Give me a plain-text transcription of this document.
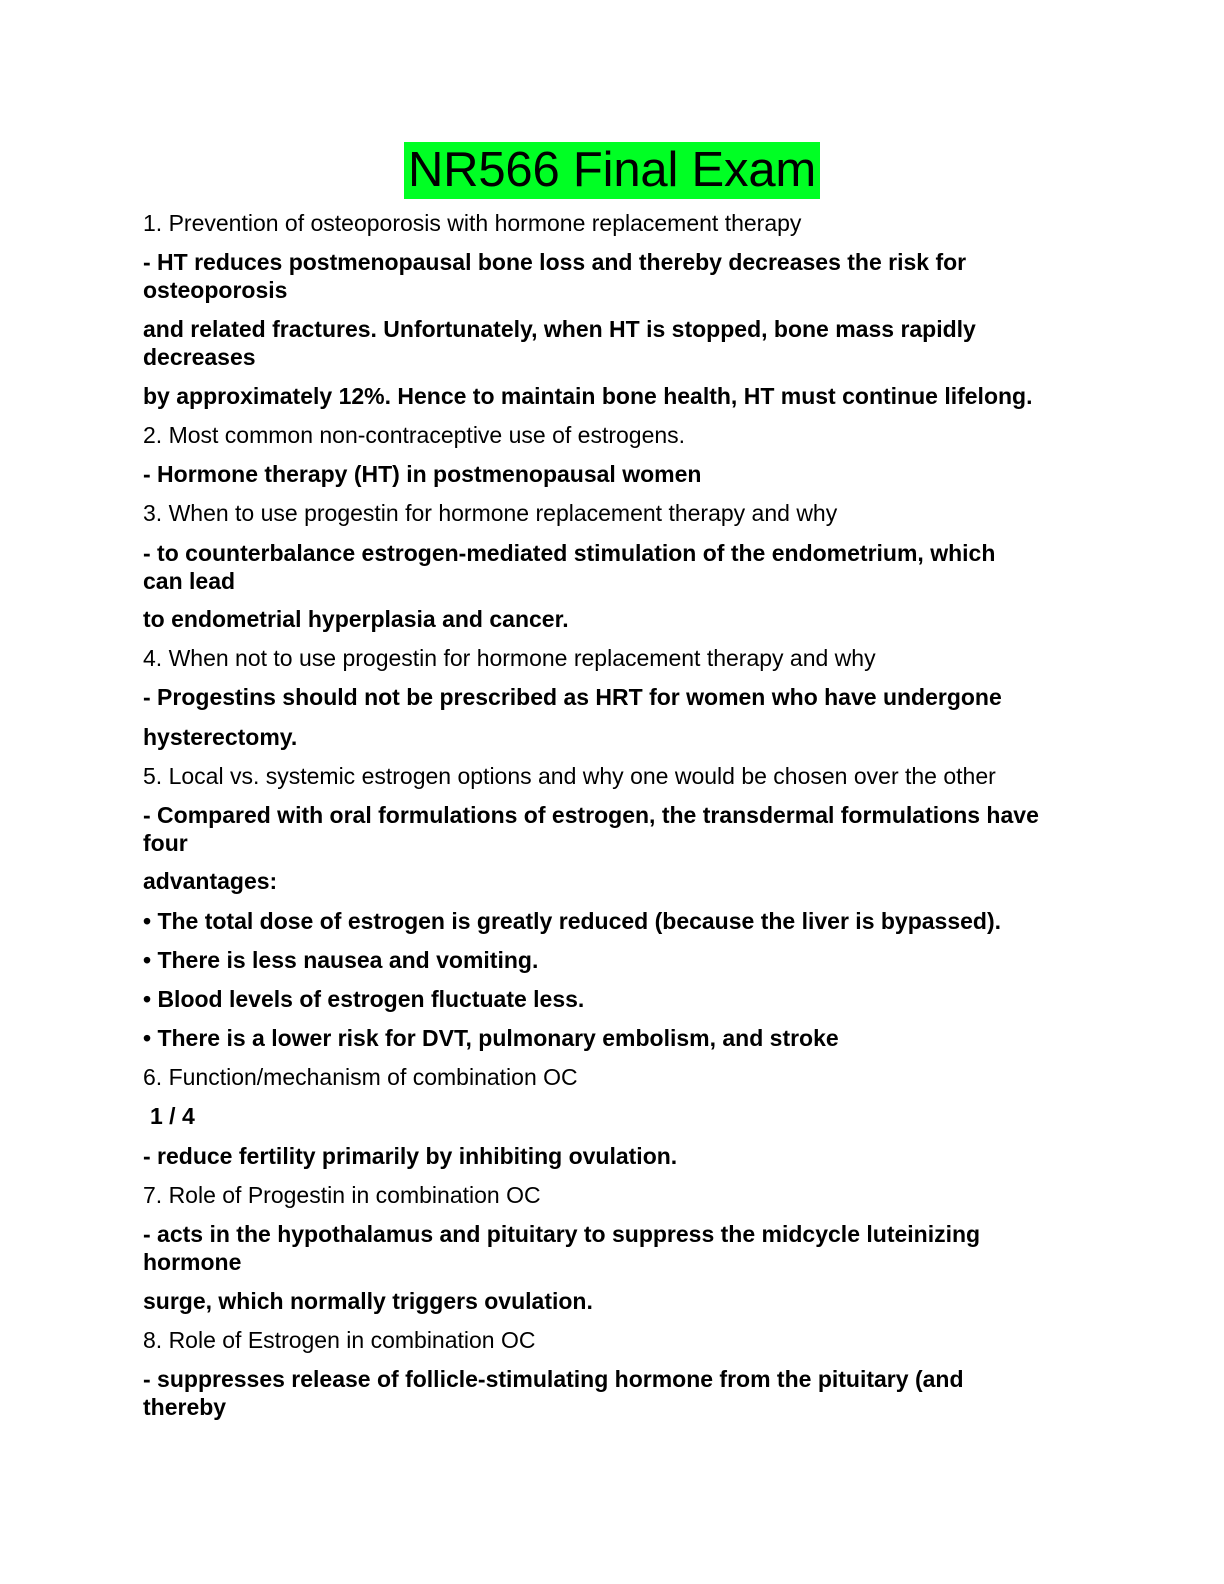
NR566 Final Exam
1. Prevention of osteoporosis with hormone replacement therapy
- HT reduces postmenopausal bone loss and thereby decreases the risk for
osteoporosis
and related fractures. Unfortunately, when HT is stopped, bone mass rapidly
decreases
by approximately 12%. Hence to maintain bone health, HT must continue lifelong.
2. Most common non-contraceptive use of estrogens.
- Hormone therapy (HT) in postmenopausal women
3. When to use progestin for hormone replacement therapy and why
- to counterbalance estrogen-mediated stimulation of the endometrium, which
can lead
to endometrial hyperplasia and cancer.
4. When not to use progestin for hormone replacement therapy and why
- Progestins should not be prescribed as HRT for women who have undergone
hysterectomy.
5. Local vs. systemic estrogen options and why one would be chosen over the other
- Compared with oral formulations of estrogen, the transdermal formulations have
four
advantages:
• The total dose of estrogen is greatly reduced (because the liver is bypassed).
• There is less nausea and vomiting.
• Blood levels of estrogen fluctuate less.
• There is a lower risk for DVT, pulmonary embolism, and stroke
6. Function/mechanism of combination OC
1 / 4
- reduce fertility primarily by inhibiting ovulation.
7. Role of Progestin in combination OC
- acts in the hypothalamus and pituitary to suppress the midcycle luteinizing
hormone
surge, which normally triggers ovulation.
8. Role of Estrogen in combination OC
- suppresses release of follicle-stimulating hormone from the pituitary (and
thereby
